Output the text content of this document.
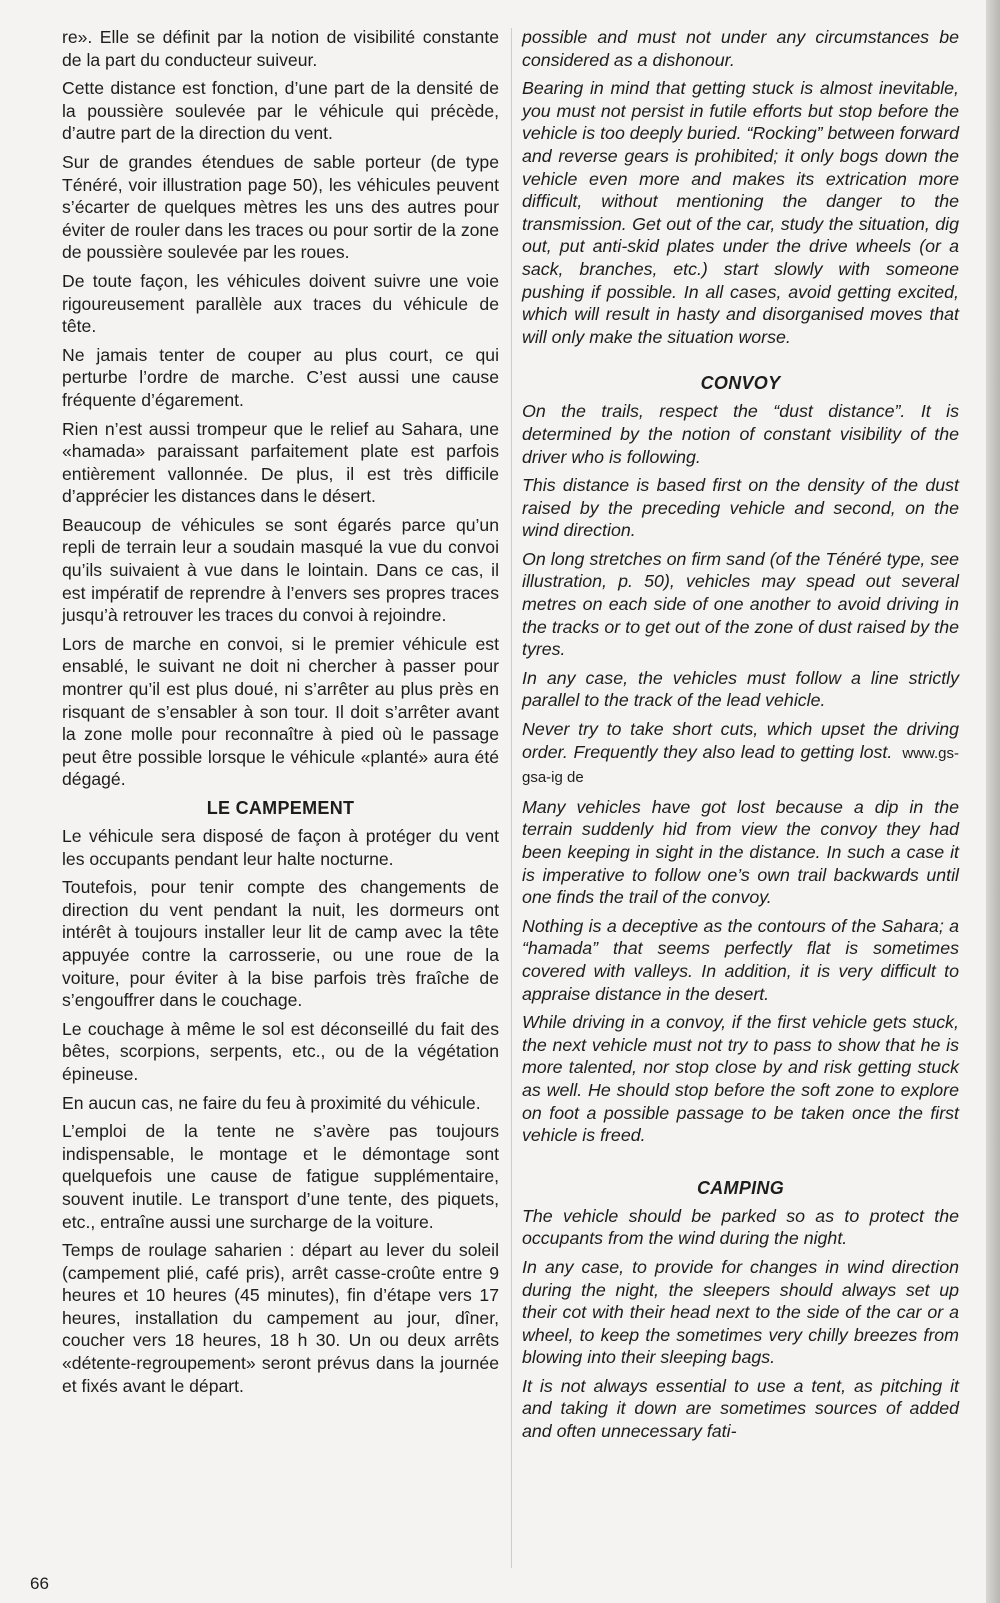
re». Elle se définit par la notion de visibilité constante de la part du conducteur suiveur.

Cette distance est fonction, d’une part de la densité de la poussière soulevée par le véhicule qui précède, d’autre part de la direction du vent.

Sur de grandes étendues de sable porteur (de type Ténéré, voir illustration page 50), les véhicules peuvent s’écarter de quelques mètres les uns des autres pour éviter de rouler dans les traces ou pour sortir de la zone de poussière soulevée par les roues.

De toute façon, les véhicules doivent suivre une voie rigoureusement parallèle aux traces du véhicule de tête.

Ne jamais tenter de couper au plus court, ce qui perturbe l’ordre de marche. C’est aussi une cause fréquente d’égarement.

Rien n’est aussi trompeur que le relief au Sahara, une «hamada» paraissant parfaitement plate est parfois entièrement vallonnée. De plus, il est très difficile d’apprécier les distances dans le désert.

Beaucoup de véhicules se sont égarés parce qu’un repli de terrain leur a soudain masqué la vue du convoi qu’ils suivaient à vue dans le lointain. Dans ce cas, il est impératif de reprendre à l’envers ses propres traces jusqu’à retrouver les traces du convoi à rejoindre.

Lors de marche en convoi, si le premier véhicule est ensablé, le suivant ne doit ni chercher à passer pour montrer qu’il est plus doué, ni s’arrêter au plus près en risquant de s’ensabler à son tour. Il doit s’arrêter avant la zone molle pour reconnaître à pied où le passage peut être possible lorsque le véhicule «planté» aura été dégagé.

LE CAMPEMENT

Le véhicule sera disposé de façon à protéger du vent les occupants pendant leur halte nocturne.

Toutefois, pour tenir compte des changements de direction du vent pendant la nuit, les dormeurs ont intérêt à toujours installer leur lit de camp avec la tête appuyée contre la carrosserie, ou une roue de la voiture, pour éviter à la bise parfois très fraîche de s’engouffrer dans le couchage.

Le couchage à même le sol est déconseillé du fait des bêtes, scorpions, serpents, etc., ou de la végétation épineuse.

En aucun cas, ne faire du feu à proximité du véhicule.

L’emploi de la tente ne s’avère pas toujours indispensable, le montage et le démontage sont quelquefois une cause de fatigue supplémentaire, souvent inutile. Le transport d’une tente, des piquets, etc., entraîne aussi une surcharge de la voiture.

Temps de roulage saharien : départ au lever du soleil (campement plié, café pris), arrêt casse-croûte entre 9 heures et 10 heures (45 minutes), fin d’étape vers 17 heures, installation du campement au jour, dîner, coucher vers 18 heures, 18 h 30. Un ou deux arrêts «détente-regroupement» seront prévus dans la journée et fixés avant le départ.

possible and must not under any circumstances be considered as a dishonour.

Bearing in mind that getting stuck is almost inevitable, you must not persist in futile efforts but stop before the vehicle is too deeply buried. “Rocking” between forward and reverse gears is prohibited; it only bogs down the vehicle even more and makes its extrication more difficult, without mentioning the danger to the transmission. Get out of the car, study the situation, dig out, put anti-skid plates under the drive wheels (or a sack, branches, etc.) start slowly with someone pushing if possible. In all cases, avoid getting excited, which will result in hasty and disorganised moves that will only make the situation worse.

CONVOY

On the trails, respect the “dust distance”. It is determined by the notion of constant visibility of the driver who is following.

This distance is based first on the density of the dust raised by the preceding vehicle and second, on the wind direction.

On long stretches on firm sand (of the Ténéré type, see illustration, p. 50), vehicles may spead out several metres on each side of one another to avoid driving in the tracks or to get out of the zone of dust raised by the tyres.

In any case, the vehicles must follow a line strictly parallel to the track of the lead vehicle.

Never try to take short cuts, which upset the driving order. Frequently they also lead to getting lost. www.gs-gsa-ig de

Many vehicles have got lost because a dip in the terrain suddenly hid from view the convoy they had been keeping in sight in the distance. In such a case it is imperative to follow one’s own trail backwards until one finds the trail of the convoy.

Nothing is a deceptive as the contours of the Sahara; a “hamada” that seems perfectly flat is sometimes covered with valleys. In addition, it is very difficult to appraise distance in the desert.

While driving in a convoy, if the first vehicle gets stuck, the next vehicle must not try to pass to show that he is more talented, nor stop close by and risk getting stuck as well. He should stop before the soft zone to explore on foot a possible passage to be taken once the first vehicle is freed.

CAMPING

The vehicle should be parked so as to protect the occupants from the wind during the night.

In any case, to provide for changes in wind direction during the night, the sleepers should always set up their cot with their head next to the side of the car or a wheel, to keep the sometimes very chilly breezes from blowing into their sleeping bags.

It is not always essential to use a tent, as pitching it and taking it down are sometimes sources of added and often unnecessary fati-

66
